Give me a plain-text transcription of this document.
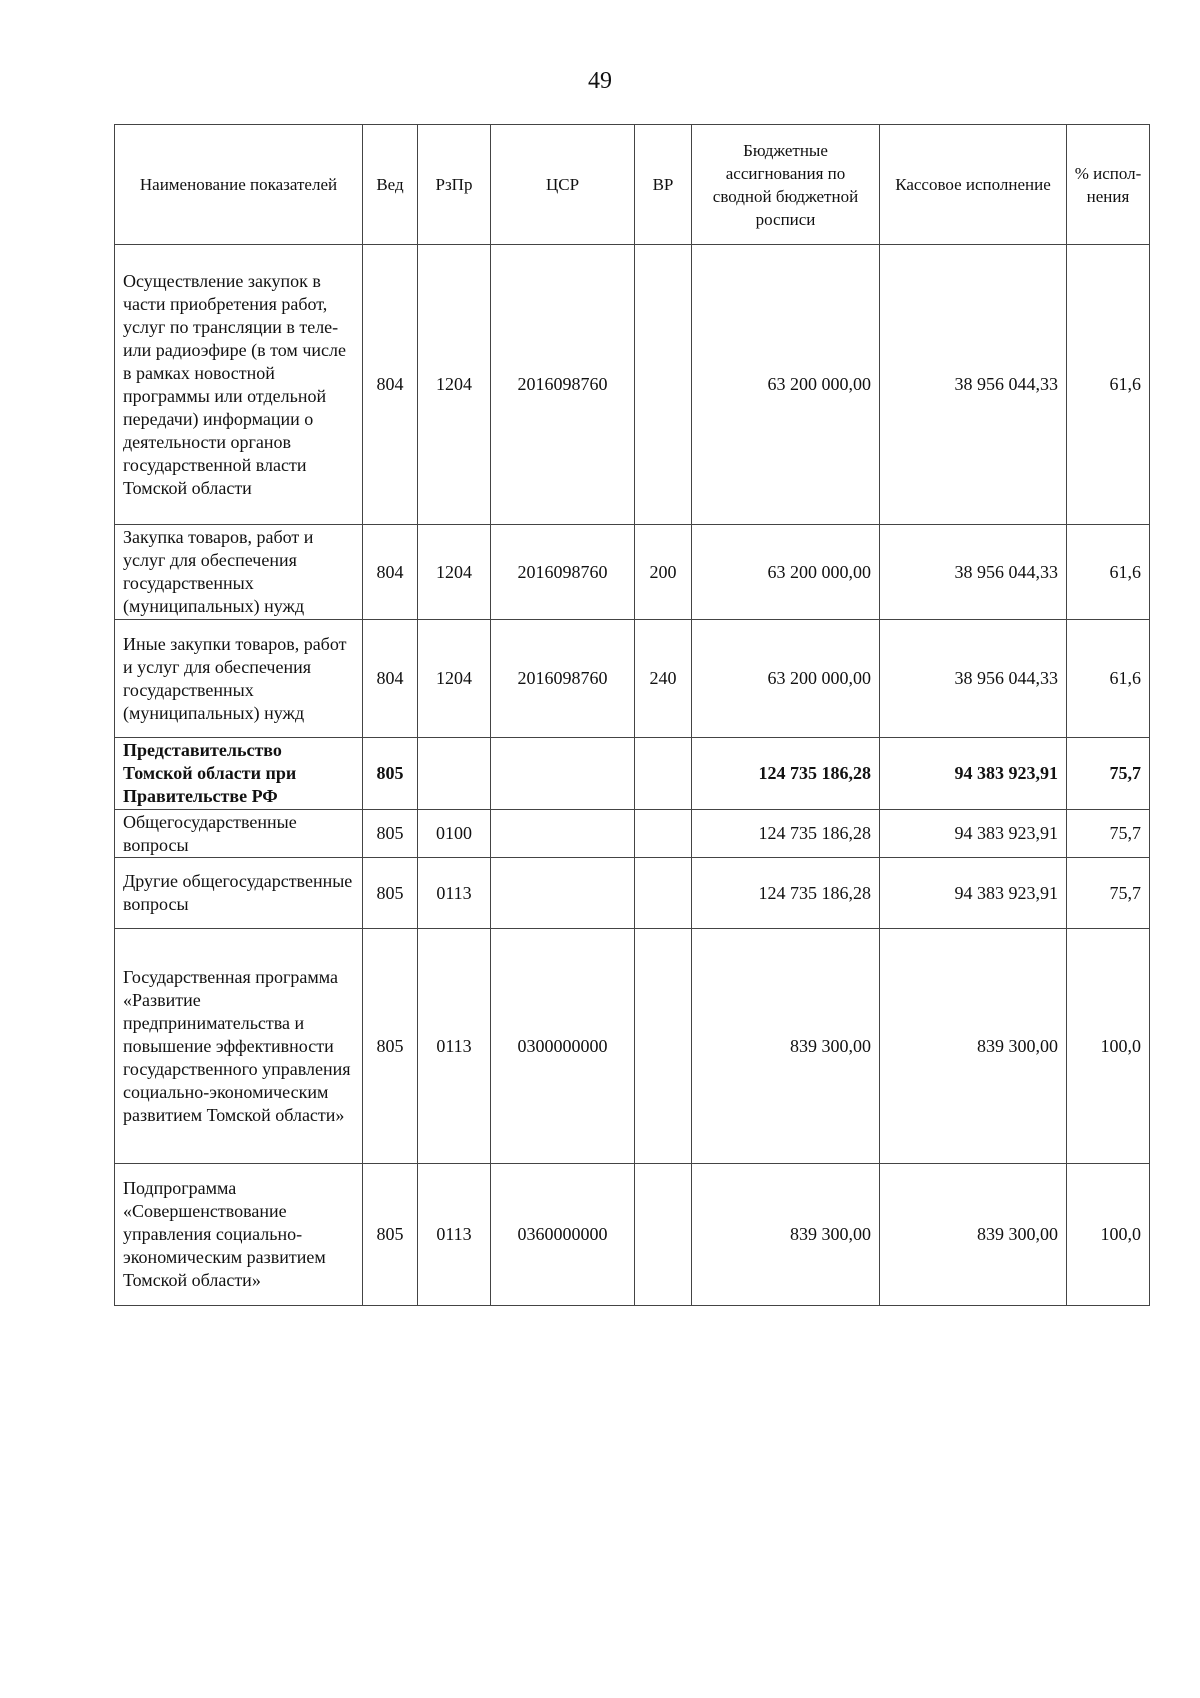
49
Наименование показателей	Вед	РзПр	ЦСР	ВР	Бюджетные ассигнования по сводной бюджетной росписи	Кассовое исполнение	% испол-нения
Осуществление закупок в части приобретения работ, услуг по трансляции в теле- или радиоэфире (в том числе в рамках новостной программы или отдельной передачи) информации о деятельности органов государственной власти Томской области	804	1204	2016098760		63 200 000,00	38 956 044,33	61,6
Закупка товаров, работ и услуг для обеспечения государственных (муниципальных) нужд	804	1204	2016098760	200	63 200 000,00	38 956 044,33	61,6
Иные закупки товаров, работ и услуг для обеспечения государственных (муниципальных) нужд	804	1204	2016098760	240	63 200 000,00	38 956 044,33	61,6
Представительство Томской области при Правительстве РФ	805				124 735 186,28	94 383 923,91	75,7
Общегосударственные вопросы	805	0100			124 735 186,28	94 383 923,91	75,7
Другие общегосударственные вопросы	805	0113			124 735 186,28	94 383 923,91	75,7
Государственная программа «Развитие предпринимательства и повышение эффективности государственного управления социально-экономическим развитием Томской области»	805	0113	0300000000		839 300,00	839 300,00	100,0
Подпрограмма «Совершенствование управления социально-экономическим развитием Томской области»	805	0113	0360000000		839 300,00	839 300,00	100,0
